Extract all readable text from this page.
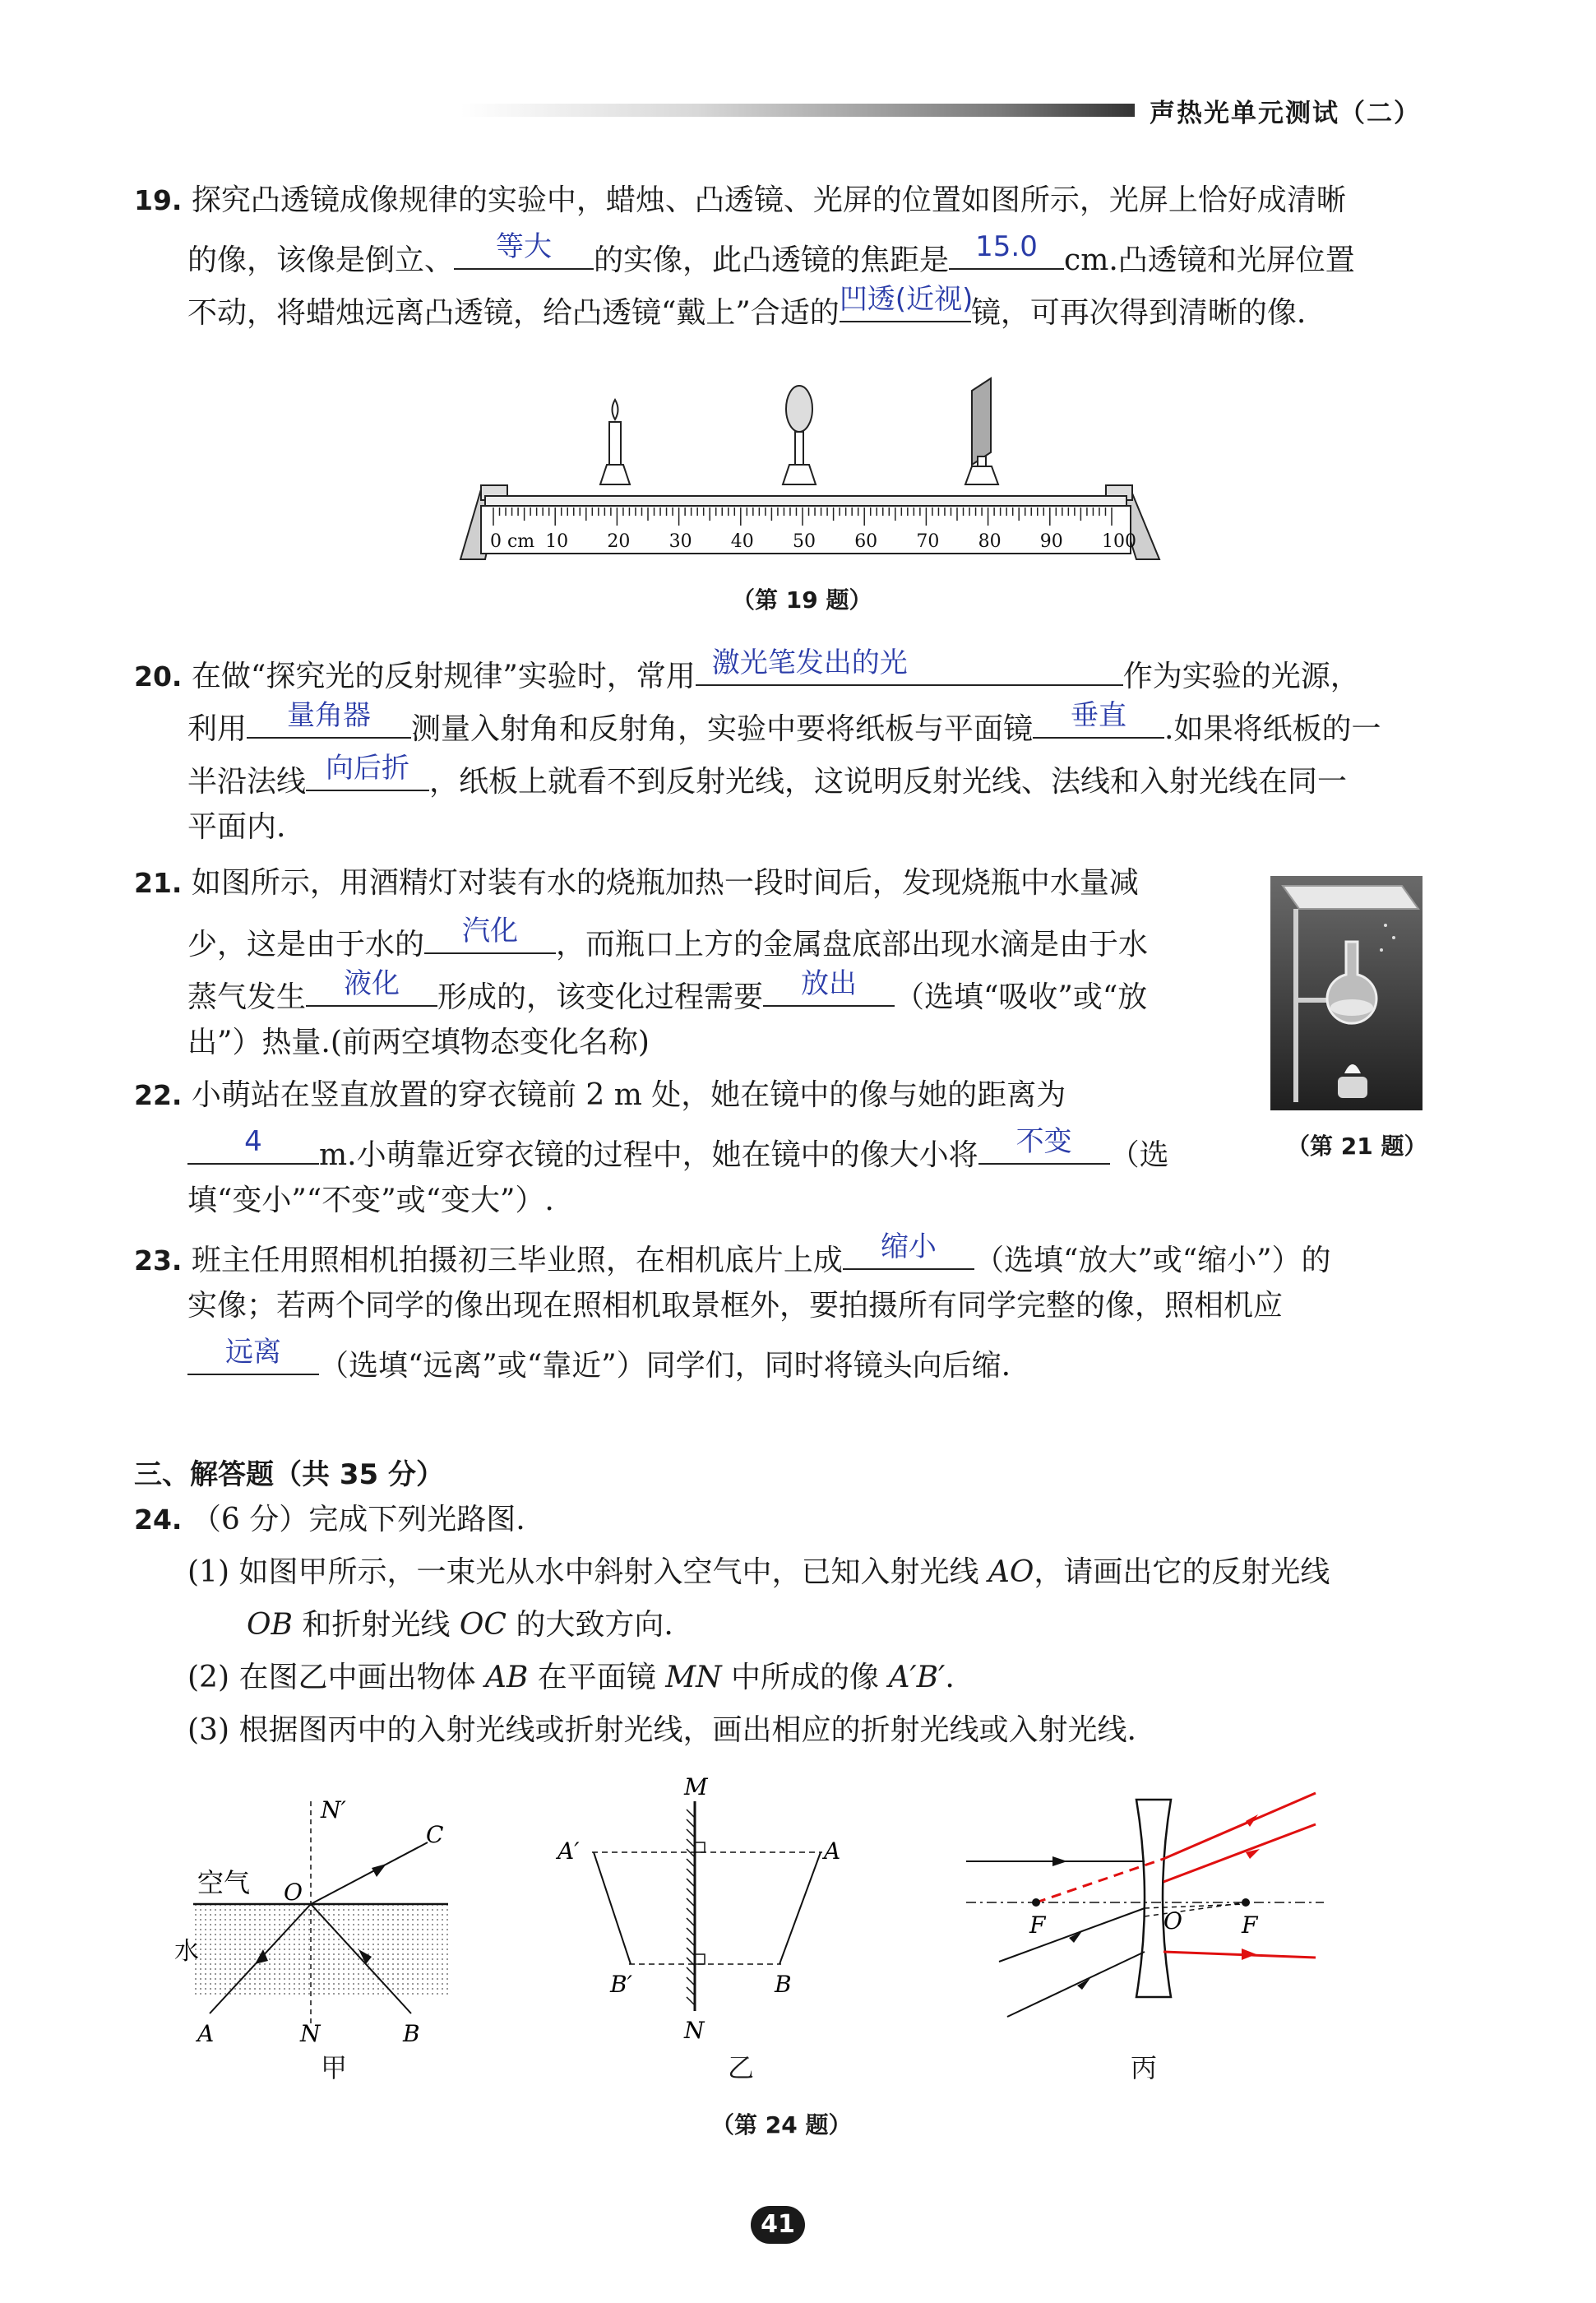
声热光单元测试（二）
19. 探究凸透镜成像规律的实验中，蜡烛、凸透镜、光屏的位置如图所示，光屏上恰好成清晰
的像，该像是倒立、	等大	的实像，此凸透镜的焦距是 15.0 cm.凸透镜和光屏位置
不动，将蜡烛远离凸透镜，给凸透镜“戴上”合适的 凹透(近视)
镜，可再次得到清晰的像.
0 cm 10 20 30 40 50 60 70 80 90 100
（第 19 题）
20. 在做“探究光的反射规律”实验时，常用 激光笔发出的光	作为实验的光源，
利用	量角器	测量入射角和反射角，实验中要将纸板与平面镜	垂直	.如果将纸板的一
半沿法线 向后折 ，纸板上就看不到反射光线，这说明反射光线、法线和入射光线在同一
平面内.
21. 如图所示，用酒精灯对装有水的烧瓶加热一段时间后，发现烧瓶中水量减
少，这是由于水的	汽化	，而瓶口上方的金属盘底部出现水滴是由于水
蒸气发生	液化	形成的，该变化过程需要	放出	（选填“吸收”或“放
出”）热量.(前两空填物态变化名称)
（第 21 题）
22. 小萌站在竖直放置的穿衣镜前 2 m 处，她在镜中的像与她的距离为
4	m.小萌靠近穿衣镜的过程中，她在镜中的像大小将	不变	（选
填“变小”“不变”或“变大”）.
23. 班主任用照相机拍摄初三毕业照，在相机底片上成	缩小	（选填“放大”或“缩小”）的
实像；若两个同学的像出现在照相机取景框外，要拍摄所有同学完整的像，照相机应
远离	（选填“远离”或“靠近”）同学们，同时将镜头向后缩.
三、解答题（共 35 分）
24. （6 分）完成下列光路图.
(1) 如图甲所示，一束光从水中斜射入空气中，已知入射光线 AO，请画出它的反射光线
OB 和折射光线 OC 的大致方向.
(2) 在图乙中画出物体 AB 在平面镜 MN 中所成的像 A′B′.
(3) 根据图丙中的入射光线或折射光线，画出相应的折射光线或入射光线.
空气
水
N′
O
C
A	N	B
甲
M
N
A′	A
B′	B
乙
F	O	F
丙
（第 24 题）
41
